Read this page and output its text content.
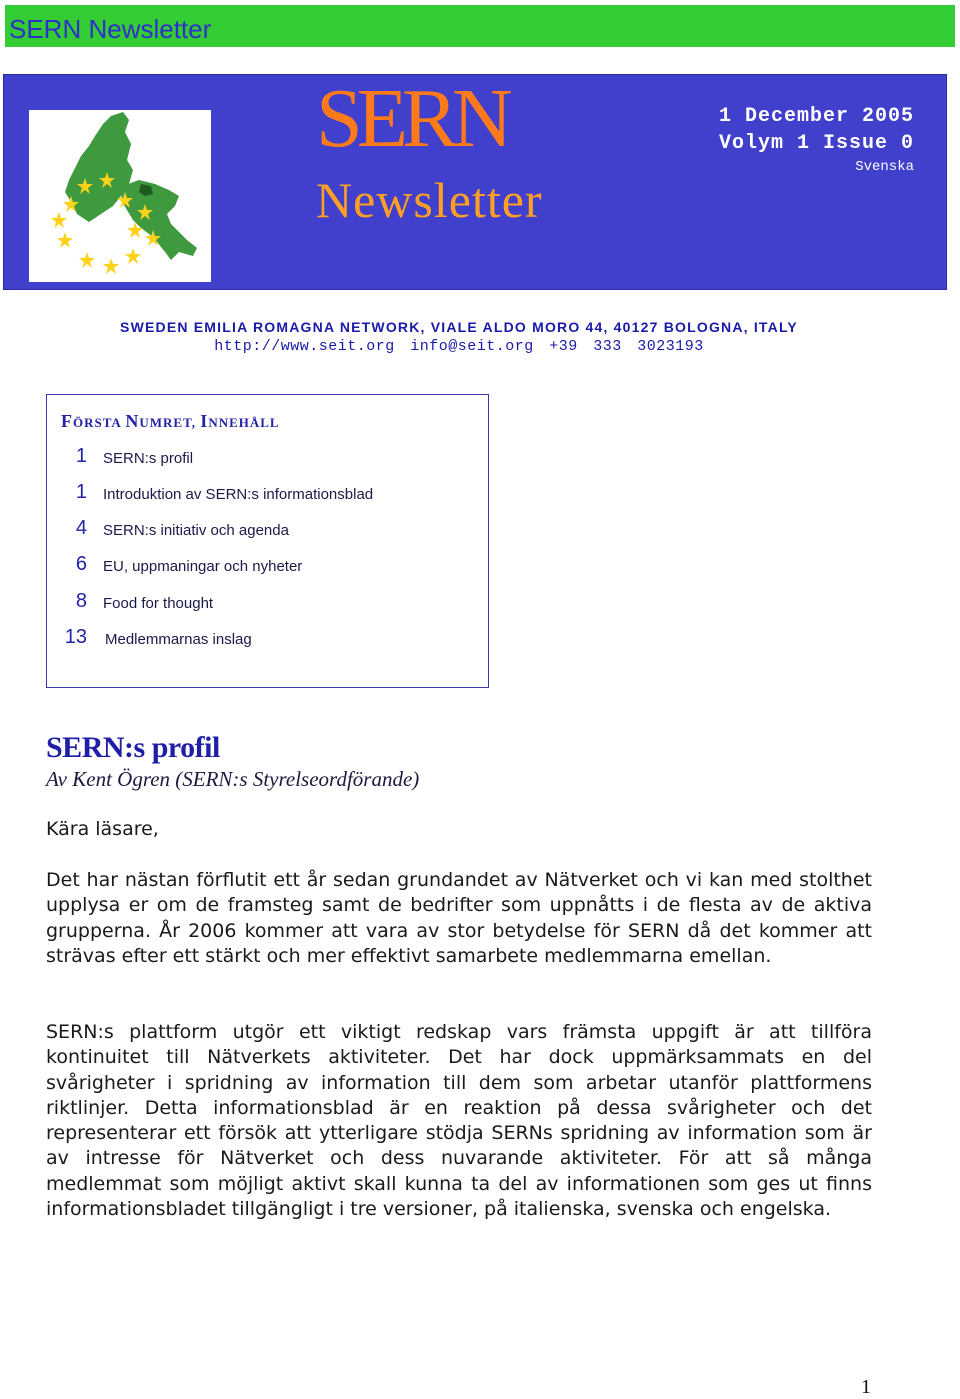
SERN Newsletter
SERN
Newsletter
1 December 2005
Volym 1 Issue 0
Svenska
SWEDEN EMILIA ROMAGNA NETWORK, VIALE ALDO MORO 44, 40127 BOLOGNA, ITALY
http://www.seit.org info@seit.org +39 333 3023193
FÖRSTA NUMRET, INNEHÅLL
1 SERN:s profil
1 Introduktion av SERN:s informationsblad
4 SERN:s initiativ och agenda
6 EU, uppmaningar och nyheter
8 Food for thought
13 Medlemmarnas inslag
SERN:s profil
Av Kent Ögren (SERN:s Styrelseordförande)

Kära läsare,

Det har nästan förflutit ett år sedan grundandet av Nätverket och vi kan med stolthet upplysa er om de framsteg samt de bedrifter som uppnåtts i de flesta av de aktiva grupperna. År 2006 kommer att vara av stor betydelse för SERN då det kommer att strävas efter ett stärkt och mer effektivt samarbete medlemmarna emellan.

SERN:s plattform utgör ett viktigt redskap vars främsta uppgift är att tillföra kontinuitet till Nätverkets aktiviteter. Det har dock uppmärksammats en del svårigheter i spridning av information till dem som arbetar utanför plattformens riktlinjer. Detta informationsblad är en reaktion på dessa svårigheter och det representerar ett försök att ytterligare stödja SERNs spridning av information som är av intresse för Nätverket och dess nuvarande aktiviteter. För att så många medlemmat som möjligt aktivt skall kunna ta del av informationen som ges ut finns informationsbladet tillgängligt i tre versioner, på italienska, svenska och engelska.

1
